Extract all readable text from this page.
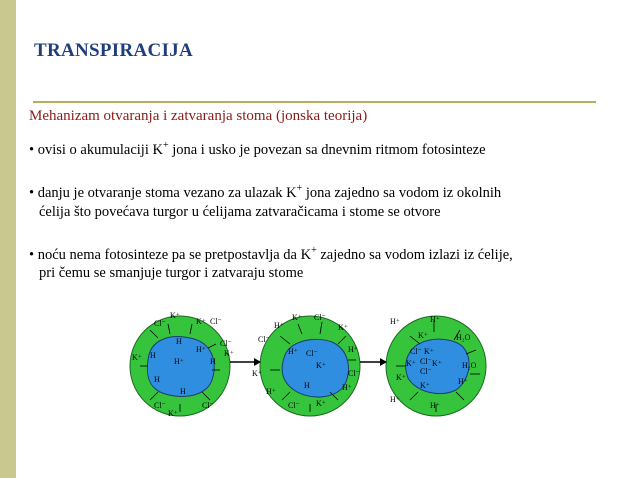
TRANSPIRACIJA
Mehanizam otvaranja i zatvaranja stoma (jonska teorija)
• ovisi o akumulaciji K+ jona i usko je povezan sa dnevnim ritmom fotosinteze
• danju je otvaranje stoma vezano za ulazak K+ jona zajedno sa vodom iz okolnih
ćelija što povećava turgor u ćelijama zatvaračicama i stome se otvore
• noću nema fotosinteze pa se pretpostavlja da K+ zajedno sa vodom izlazi iz ćelije,
pri čemu se smanjuje turgor i zatvaraju stome
K⁺
Cl⁻	K⁺ Cl⁻
H	Cl⁻
H⁺ K⁺
K⁺ H
H⁺	H
H
H
Cl⁻	Cl⁻
K⁺
K⁺ Cl⁻
H⁺	K⁺
Cl⁻
H⁺ Cl⁻	H⁺
K⁺
K⁺	Cl⁻
H	H⁺
H⁺
Cl⁻ K⁺
H⁺	H⁺
K⁺	H₂O
Cl⁻ K⁺
K⁺ Cl⁻ K⁺
Cl⁻
H₂O
K⁺
K⁺	H⁺
H⁺
H⁺
